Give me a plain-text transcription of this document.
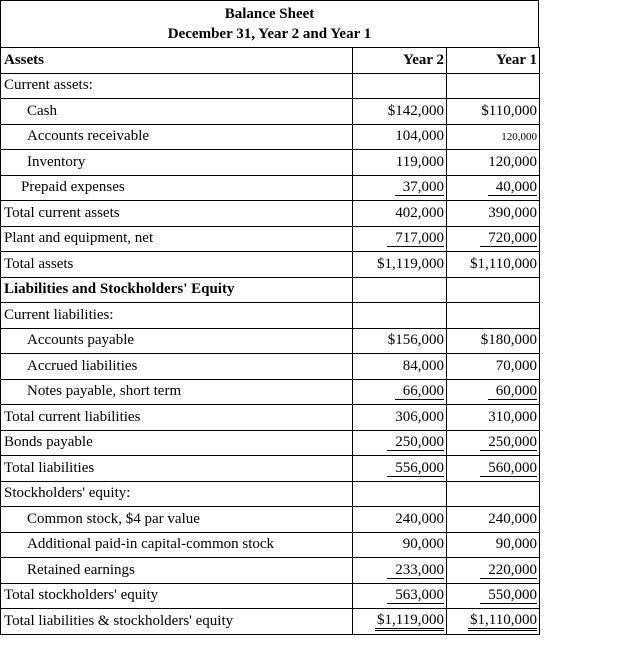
Balance Sheet
December 31, Year 2 and Year 1
Assets	Year 2	Year 1
Current assets:		
Cash	$142,000	$110,000
Accounts receivable	104,000	120,000
Inventory	119,000	120,000
Prepaid expenses	37,000	40,000
Total current assets	402,000	390,000
Plant and equipment, net	717,000	720,000
Total assets	$1,119,000	$1,110,000
Liabilities and Stockholders' Equity		
Current liabilities:		
Accounts payable	$156,000	$180,000
Accrued liabilities	84,000	70,000
Notes payable, short term	66,000	60,000
Total current liabilities	306,000	310,000
Bonds payable	250,000	250,000
Total liabilities	556,000	560,000
Stockholders' equity:		
Common stock, $4 par value	240,000	240,000
Additional paid-in capital-common stock	90,000	90,000
Retained earnings	233,000	220,000
Total stockholders' equity	563,000	550,000
Total liabilities & stockholders' equity	$1,119,000	$1,110,000
